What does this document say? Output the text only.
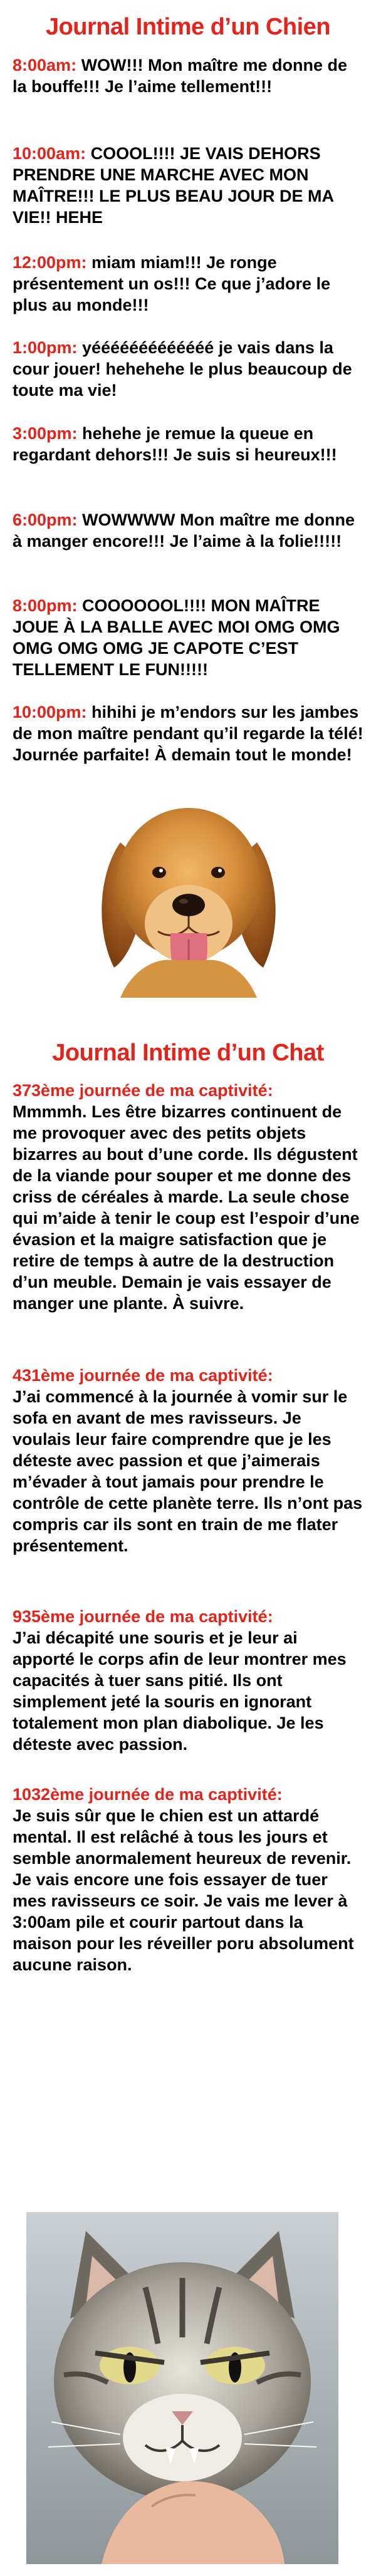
Journal Intime d’un Chien

8:00am: WOW!!! Mon maître me donne de la bouffe!!! Je l’aime tellement!!!

10:00am: COOOL!!!! JE VAIS DEHORS PRENDRE UNE MARCHE AVEC MON MAÎTRE!!! LE PLUS BEAU JOUR DE MA VIE!! HEHE

12:00pm: miam miam!!! Je ronge présentement un os!!! Ce que j’adore le plus au monde!!!

1:00pm: yééééééééééééé je vais dans la cour jouer! hehehehe le plus beaucoup de toute ma vie!

3:00pm: hehehe je remue la queue en regardant dehors!!! Je suis si heureux!!!

6:00pm: WOWWWW Mon maître me donne à manger encore!!! Je l’aime à la folie!!!!!

8:00pm: COOOOOOL!!!! MON MAÎTRE JOUE À LA BALLE AVEC MOI OMG OMG OMG OMG OMG JE CAPOTE C’EST TELLEMENT LE FUN!!!!!

10:00pm: hihihi je m’endors sur les jambes de mon maître pendant qu’il regarde la télé! Journée parfaite! À demain tout le monde!

Journal Intime d’un Chat

373ème journée de ma captivité:
Mmmmh. Les être bizarres continuent de me provoquer avec des petits objets bizarres au bout d’une corde. Ils dégustent de la viande pour souper et me donne des criss de céréales à marde. La seule chose qui m’aide à tenir le coup est l’espoir d’une évasion et la maigre satisfaction que je retire de temps à autre de la destruction d’un meuble. Demain je vais essayer de manger une plante. À suivre.

431ème journée de ma captivité:
J’ai commencé à la journée à vomir sur le sofa en avant de mes ravisseurs. Je voulais leur faire comprendre que je les déteste avec passion et que j’aimerais m’évader à tout jamais pour prendre le contrôle de cette planète terre. Ils n’ont pas compris car ils sont en train de me flater présentement.

935ème journée de ma captivité:
J’ai décapité une souris et je leur ai apporté le corps afin de leur montrer mes capacités à tuer sans pitié. Ils ont simplement jeté la souris en ignorant totalement mon plan diabolique. Je les déteste avec passion.

1032ème journée de ma captivité:
Je suis sûr que le chien est un attardé mental. Il est relâché à tous les jours et semble anormalement heureux de revenir. Je vais encore une fois essayer de tuer mes ravisseurs ce soir. Je vais me lever à 3:00am pile et courir partout dans la maison pour les réveiller poru absolument aucune raison.
